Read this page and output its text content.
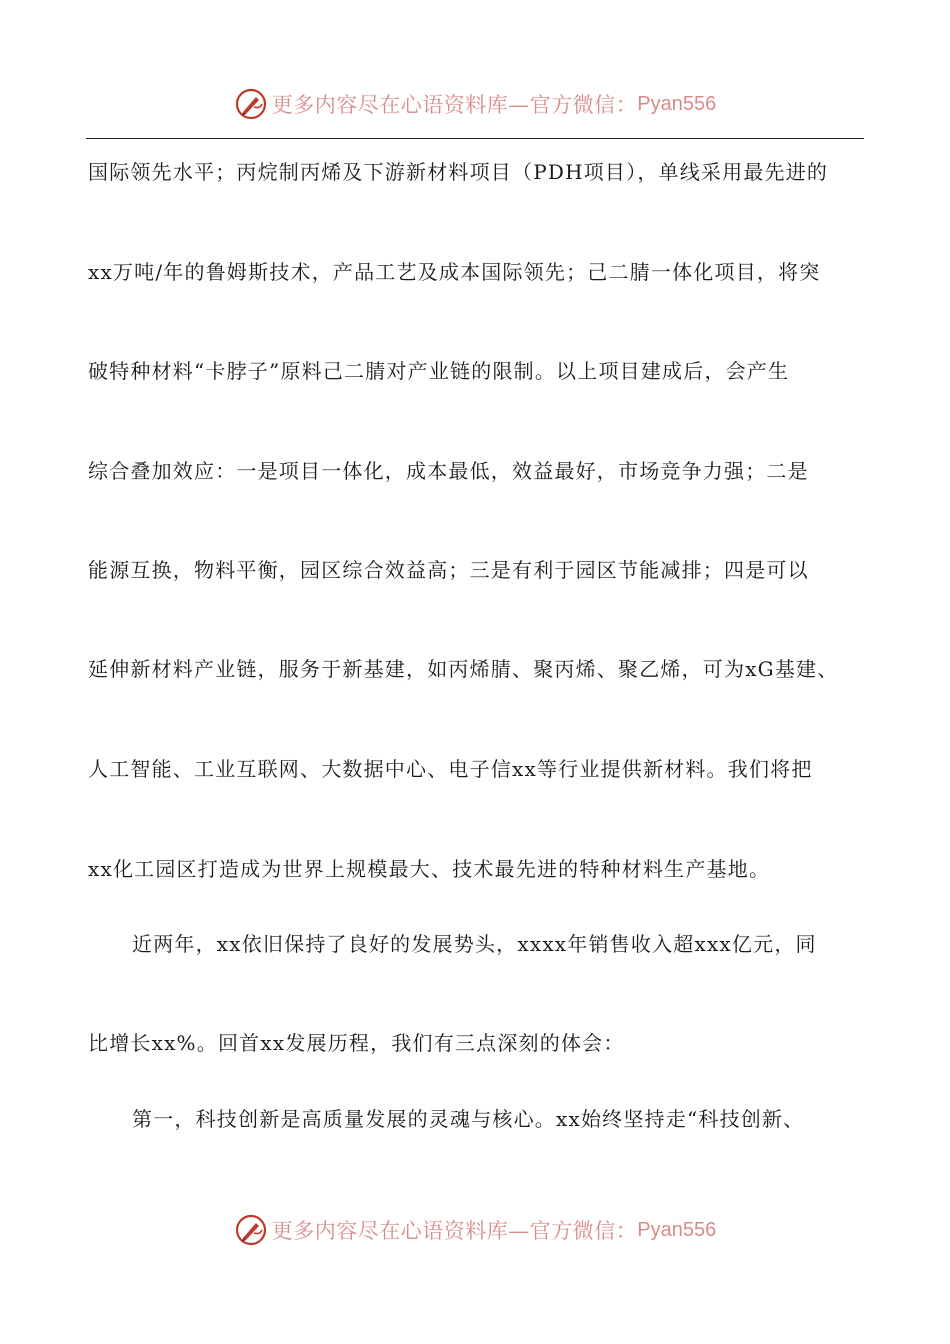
更多内容尽在心语资料库—官方微信： Pyan556
国际领先水平；丙烷制丙烯及下游新材料项目（PDH项目），单线采用最先进的
xx万吨/年的鲁姆斯技术，产品工艺及成本国际领先；己二腈一体化项目，将突
破特种材料“卡脖子”原料己二腈对产业链的限制。以上项目建成后，会产生
综合叠加效应：一是项目一体化，成本最低，效益最好，市场竞争力强；二是
能源互换，物料平衡，园区综合效益高；三是有利于园区节能减排；四是可以
延伸新材料产业链，服务于新基建，如丙烯腈、聚丙烯、聚乙烯，可为xG基建、
人工智能、工业互联网、大数据中心、电子信xx等行业提供新材料。我们将把
xx化工园区打造成为世界上规模最大、技术最先进的特种材料生产基地。
近两年，xx依旧保持了良好的发展势头，xxxx年销售收入超xxx亿元，同
比增长xx%。回首xx发展历程，我们有三点深刻的体会：
第一，科技创新是高质量发展的灵魂与核心。xx始终坚持走“科技创新、
更多内容尽在心语资料库—官方微信： Pyan556
